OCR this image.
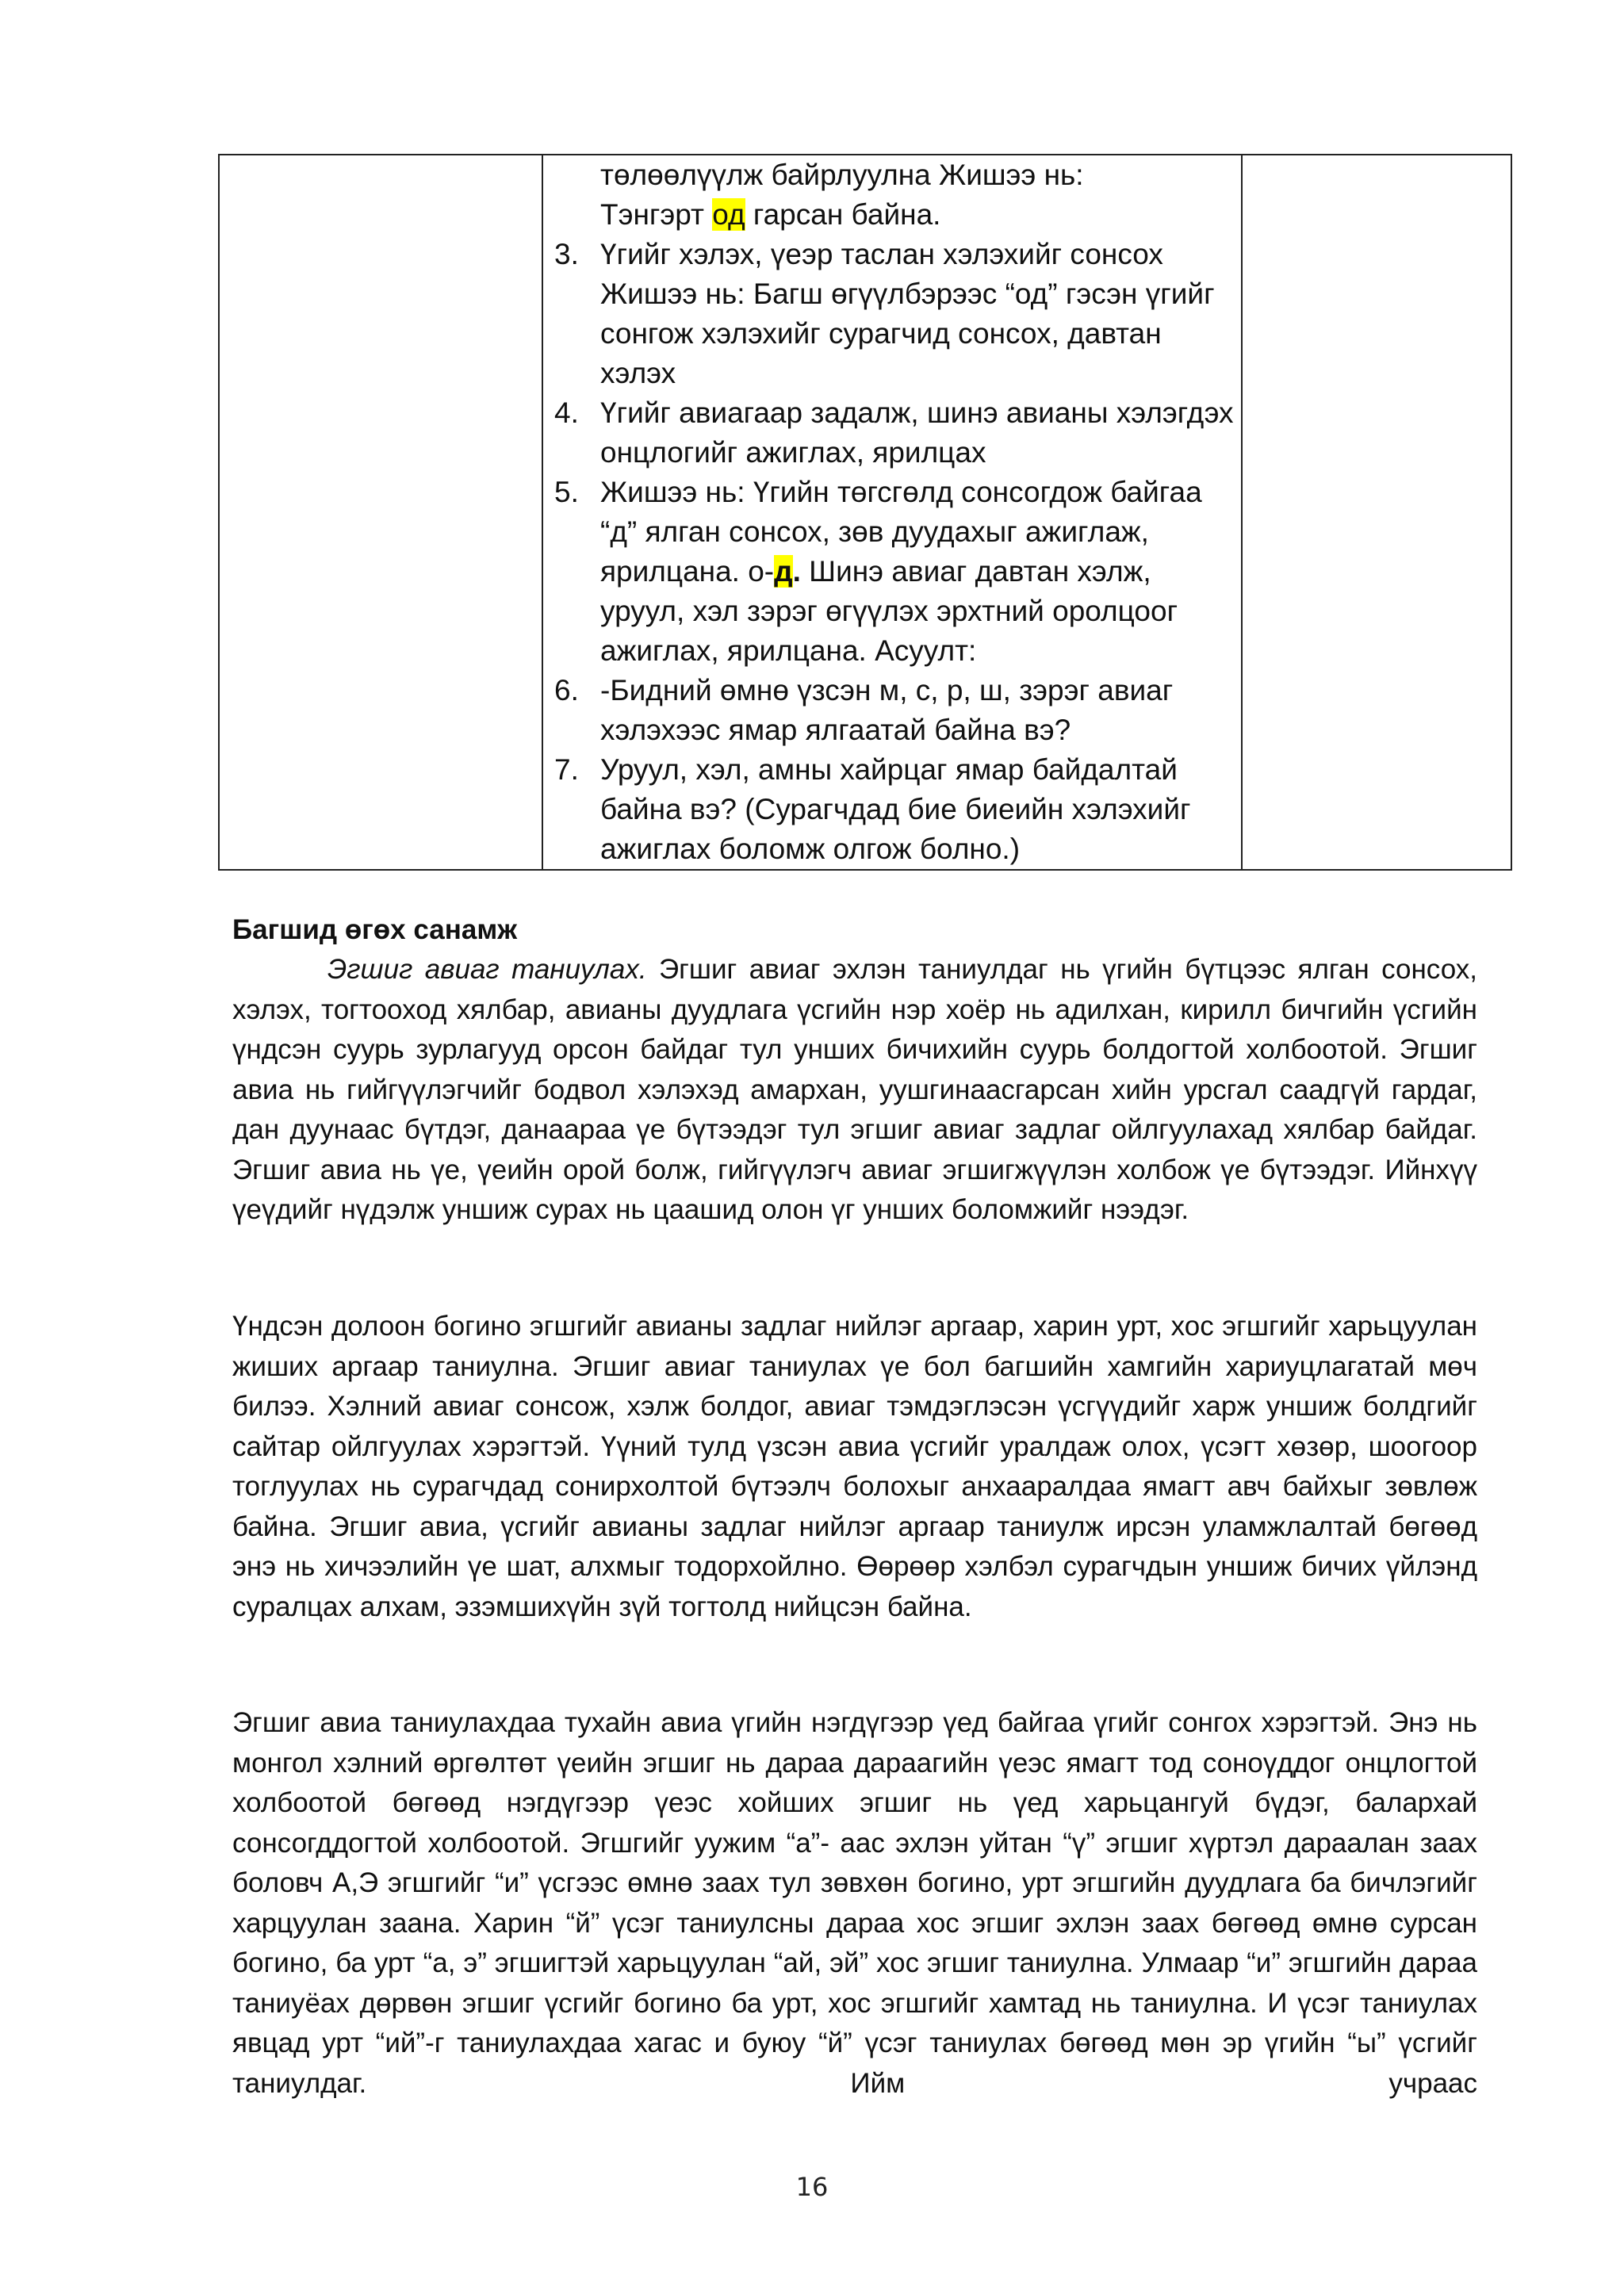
төлөөлүүлж байрлуулна Жишээ нь:
Тэнгэрт од гарсан байна.
3. Үгийг хэлэх, үеэр таслан хэлэхийг сонсох Жишээ нь: Багш өгүүлбэрээс “од” гэсэн үгийг сонгож хэлэхийг сурагчид сонсох, давтан хэлэх
4. Үгийг авиагаар задалж, шинэ авианы хэлэгдэх онцлогийг ажиглах, ярилцах
5. Жишээ нь: Үгийн төгсгөлд сонсогдож байгаа “д” ялган сонсох, зөв дуудахыг ажиглаж, ярилцана. о-д. Шинэ авиаг давтан хэлж, уруул, хэл зэрэг өгүүлэх эрхтний оролцоог ажиглах, ярилцана. Асуулт:
6. -Бидний өмнө үзсэн м, с, р, ш, зэрэг авиаг хэлэхээс ямар ялгаатай байна вэ?
7. Уруул, хэл, амны хайрцаг ямар байдалтай байна вэ? (Сурагчдад бие биеийн хэлэхийг ажиглах боломж олгож болно.)

Багшид өгөх санамж

Эгшиг авиаг таниулах. Эгшиг авиаг эхлэн таниулдаг нь үгийн бүтцээс ялган сонсох, хэлэх, тогтооход хялбар, авианы дуудлага үсгийн нэр хоёр нь адилхан, кирилл бичгийн үсгийн үндсэн суурь зурлагууд орсон байдаг тул унших бичихийн суурь болдогтой холбоотой. Эгшиг авиа нь гийгүүлэгчийг бодвол хэлэхэд амархан, уушгинаасгарсан хийн урсгал саадгүй гардаг, дан дуунаас бүтдэг, данаараа үе бүтээдэг тул эгшиг авиаг задлаг ойлгуулахад хялбар байдаг. Эгшиг авиа нь үе, үеийн орой болж, гийгүүлэгч авиаг эгшигжүүлэн холбож үе бүтээдэг. Ийнхүү үеүдийг нүдэлж уншиж сурах нь цаашид олон үг унших боломжийг нээдэг.

Үндсэн долоон богино эгшгийг авианы задлаг нийлэг аргаар, харин урт, хос эгшгийг харьцуулан жиших аргаар таниулна. Эгшиг авиаг таниулах үе бол багшийн хамгийн хариуцлагатай мөч билээ. Хэлний авиаг сонсож, хэлж болдог, авиаг тэмдэглэсэн үсгүүдийг харж уншиж болдгийг сайтар ойлгуулах хэрэгтэй. Үүний тулд үзсэн авиа үсгийг уралдаж олох, үсэгт хөзөр, шоогоор тоглуулах нь сурагчдад сонирхолтой бүтээлч болохыг анхааралдаа ямагт авч байхыг зөвлөж байна. Эгшиг авиа, үсгийг авианы задлаг нийлэг аргаар таниулж ирсэн уламжлалтай бөгөөд энэ нь хичээлийн үе шат, алхмыг тодорхойлно. Өөрөөр хэлбэл сурагчдын уншиж бичих үйлэнд суралцах алхам, эзэмшихүйн зүй тогтолд нийцсэн байна.

Эгшиг авиа таниулахдаа тухайн авиа үгийн нэгдүгээр үед байгаа үгийг сонгох хэрэгтэй. Энэ нь монгол хэлний өргөлтөт үеийн эгшиг нь дараа дараагийн үеэс ямагт тод сонογддог онцлогтой холбоотой бөгөөд нэгдүгээр үеэс хойших эгшиг нь үед харьцангуй бүдэг, балархай сонсогддогтой холбоотой. Эгшгийг уужим “а”- аас эхлэн уйтан “ү” эгшиг хүртэл дараалан заах боловч А,Э эгшгийг “и” үсгээс өмнө заах тул зөвхөн богино, урт эгшгийн дуудлага ба бичлэгийг харцуулан заана. Харин “й” үсэг таниулсны дараа хос эгшиг эхлэн заах бөгөөд өмнө сурсан богино, ба урт “а, э” эгшигтэй харьцуулан “ай, эй” хос эгшиг таниулна. Улмаар “и” эгшгийн дараа таниуёах дөрвөн эгшиг үсгийг богино ба урт, хос эгшгийг хамтад нь таниулна. И үсэг таниулах явцад урт “ий”-г таниулахдаа хагас и буюу “й” үсэг таниулах бөгөөд мөн эр үгийн “ы” үсгийг таниулдаг. Ийм учраас

16
